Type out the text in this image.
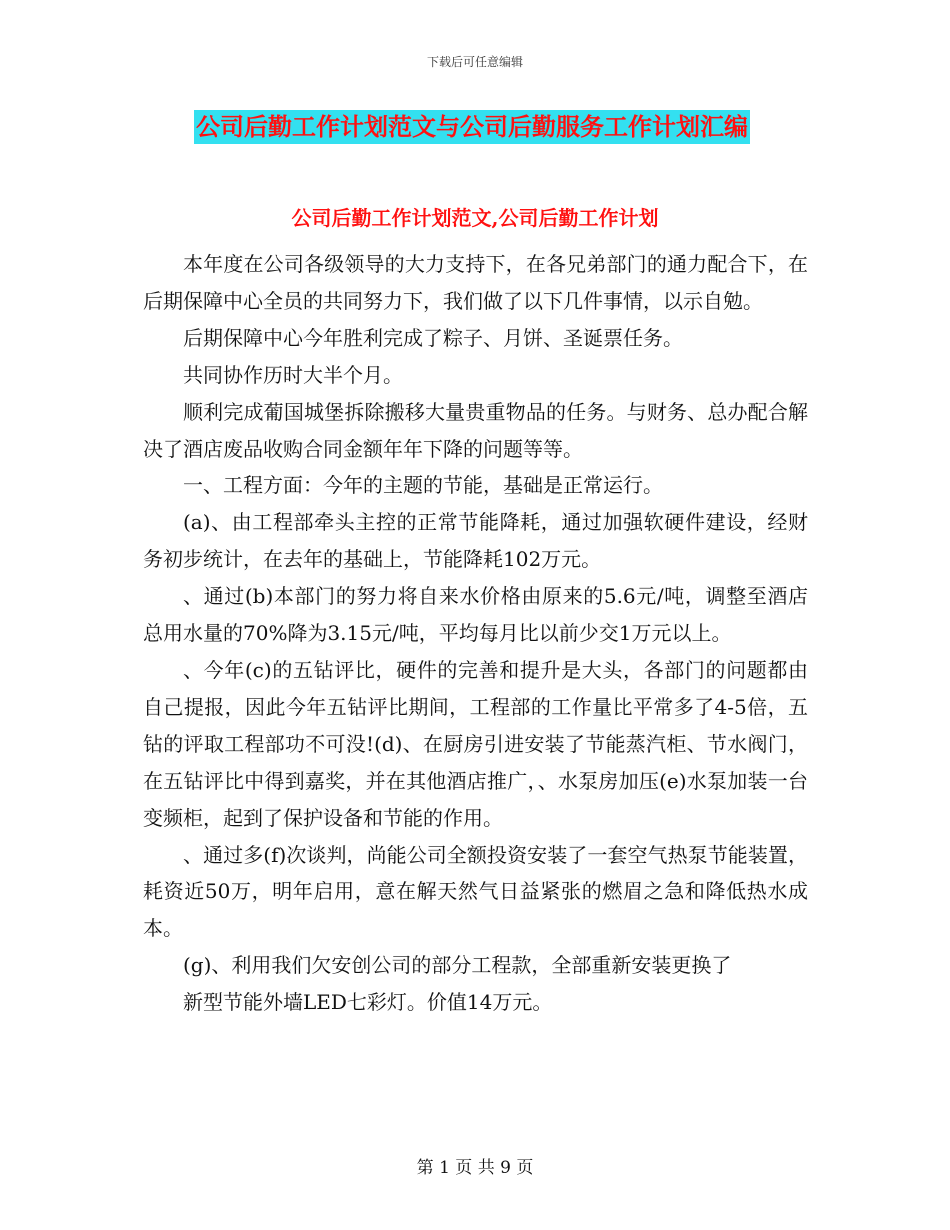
下载后可任意编辑
公司后勤工作计划范文与公司后勤服务工作计划汇编
公司后勤工作计划范文,公司后勤工作计划

本年度在公司各级领导的大力支持下，在各兄弟部门的通力配合下，在后期保障中心全员的共同努力下，我们做了以下几件事情，以示自勉。

后期保障中心今年胜利完成了粽子、月饼、圣诞票任务。

共同协作历时大半个月。

顺利完成葡国城堡拆除搬移大量贵重物品的任务。与财务、总办配合解决了酒店废品收购合同金额年年下降的问题等等。

一、工程方面：今年的主题的节能，基础是正常运行。

(a)、由工程部牵头主控的正常节能降耗，通过加强软硬件建设，经财务初步统计，在去年的基础上，节能降耗102万元。

、通过(b)本部门的努力将自来水价格由原来的5.6元/吨，调整至酒店总用水量的70%降为3.15元/吨，平均每月比以前少交1万元以上。

、今年(c)的五钻评比，硬件的完善和提升是大头，各部门的问题都由自己提报，因此今年五钻评比期间，工程部的工作量比平常多了4-5倍，五钻的评取工程部功不可没!(d)、在厨房引进安装了节能蒸汽柜、节水阀门，在五钻评比中得到嘉奖，并在其他酒店推广，、水泵房加压(e)水泵加装一台变频柜，起到了保护设备和节能的作用。

、通过多(f)次谈判，尚能公司全额投资安装了一套空气热泵节能装置，耗资近50万，明年启用，意在解天然气日益紧张的燃眉之急和降低热水成本。

(g)、利用我们欠安创公司的部分工程款，全部重新安装更换了

新型节能外墙LED七彩灯。价值14万元。

第 1 页 共 9 页
